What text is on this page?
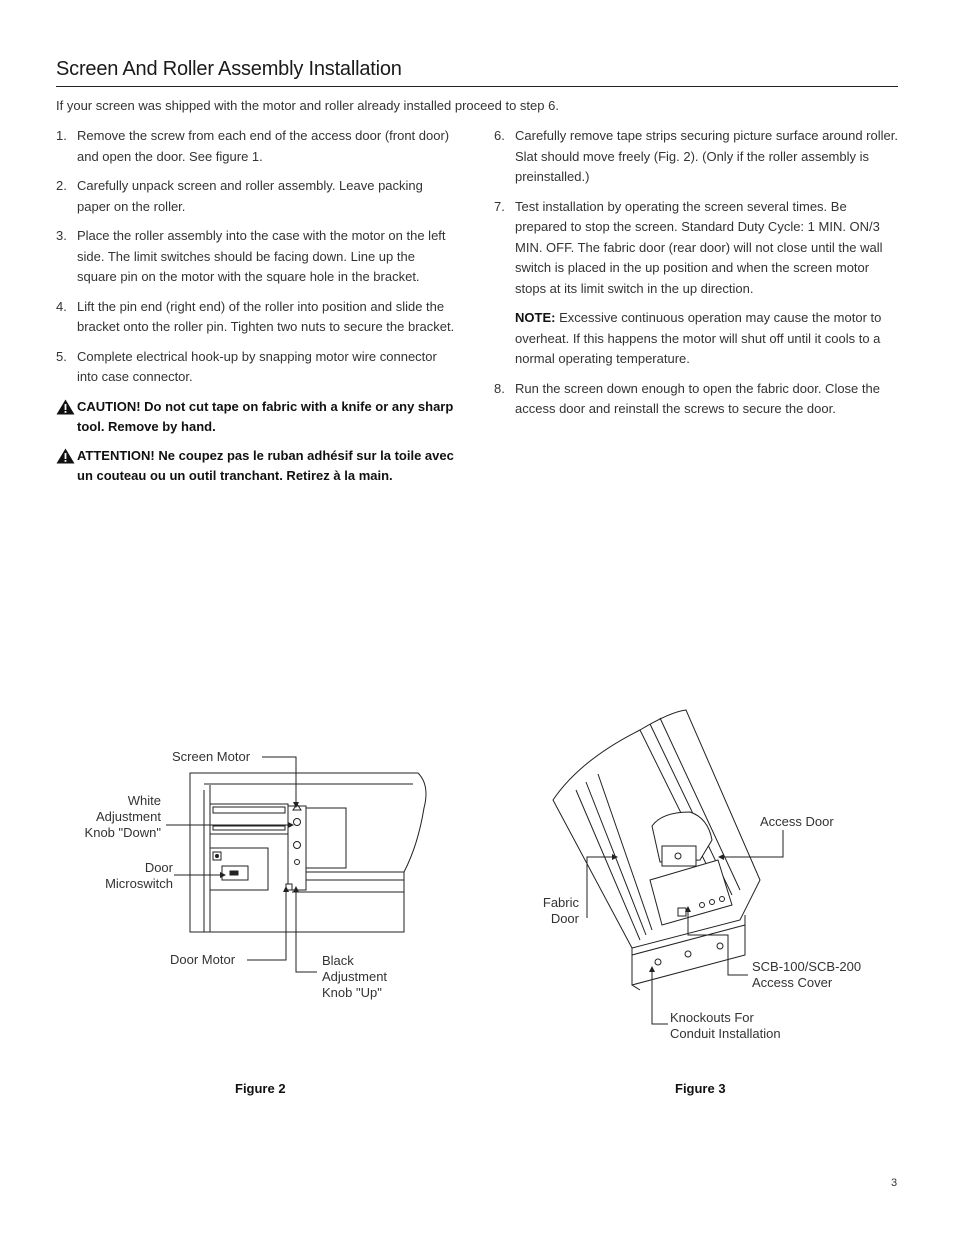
Screen And Roller Assembly Installation
If your screen was shipped with the motor and roller already installed proceed to step 6.
1. Remove the screw from each end of the access door (front door) and open the door. See figure 1.
2. Carefully unpack screen and roller assembly. Leave packing paper on the roller.
3. Place the roller assembly into the case with the motor on the left side. The limit switches should be facing down. Line up the square pin on the motor with the square hole in the bracket.
4. Lift the pin end (right end) of the roller into position and slide the bracket onto the roller pin. Tighten two nuts to secure the bracket.
5. Complete electrical hook-up by snapping motor wire connector into case connector.
CAUTION! Do not cut tape on fabric with a knife or any sharp tool. Remove by hand.
ATTENTION! Ne coupez pas le ruban adhésif sur la toile avec un couteau ou un outil tranchant. Retirez à la main.
6. Carefully remove tape strips securing picture surface around roller. Slat should move freely (Fig. 2). (Only if the roller assembly is preinstalled.)
7. Test installation by operating the screen several times. Be prepared to stop the screen. Standard Duty Cycle: 1 MIN. ON/3 MIN. OFF. The fabric door (rear door) will not close until the wall switch is placed in the up position and when the screen motor stops at its limit switch in the up direction.
NOTE: Excessive continuous operation may cause the motor to overheat. If this happens the motor will shut off until it cools to a normal operating temperature.
8. Run the screen down enough to open the fabric door. Close the access door and reinstall the screws to secure the door.
Screen Motor
White
Adjustment
Knob "Down"
Door
Microswitch
Door Motor	Black
Adjustment
Knob "Up"
Figure 2
Access Door
Fabric
Door
SCB-100/SCB-200
Access Cover
Knockouts For
Conduit Installation
Figure 3
3
